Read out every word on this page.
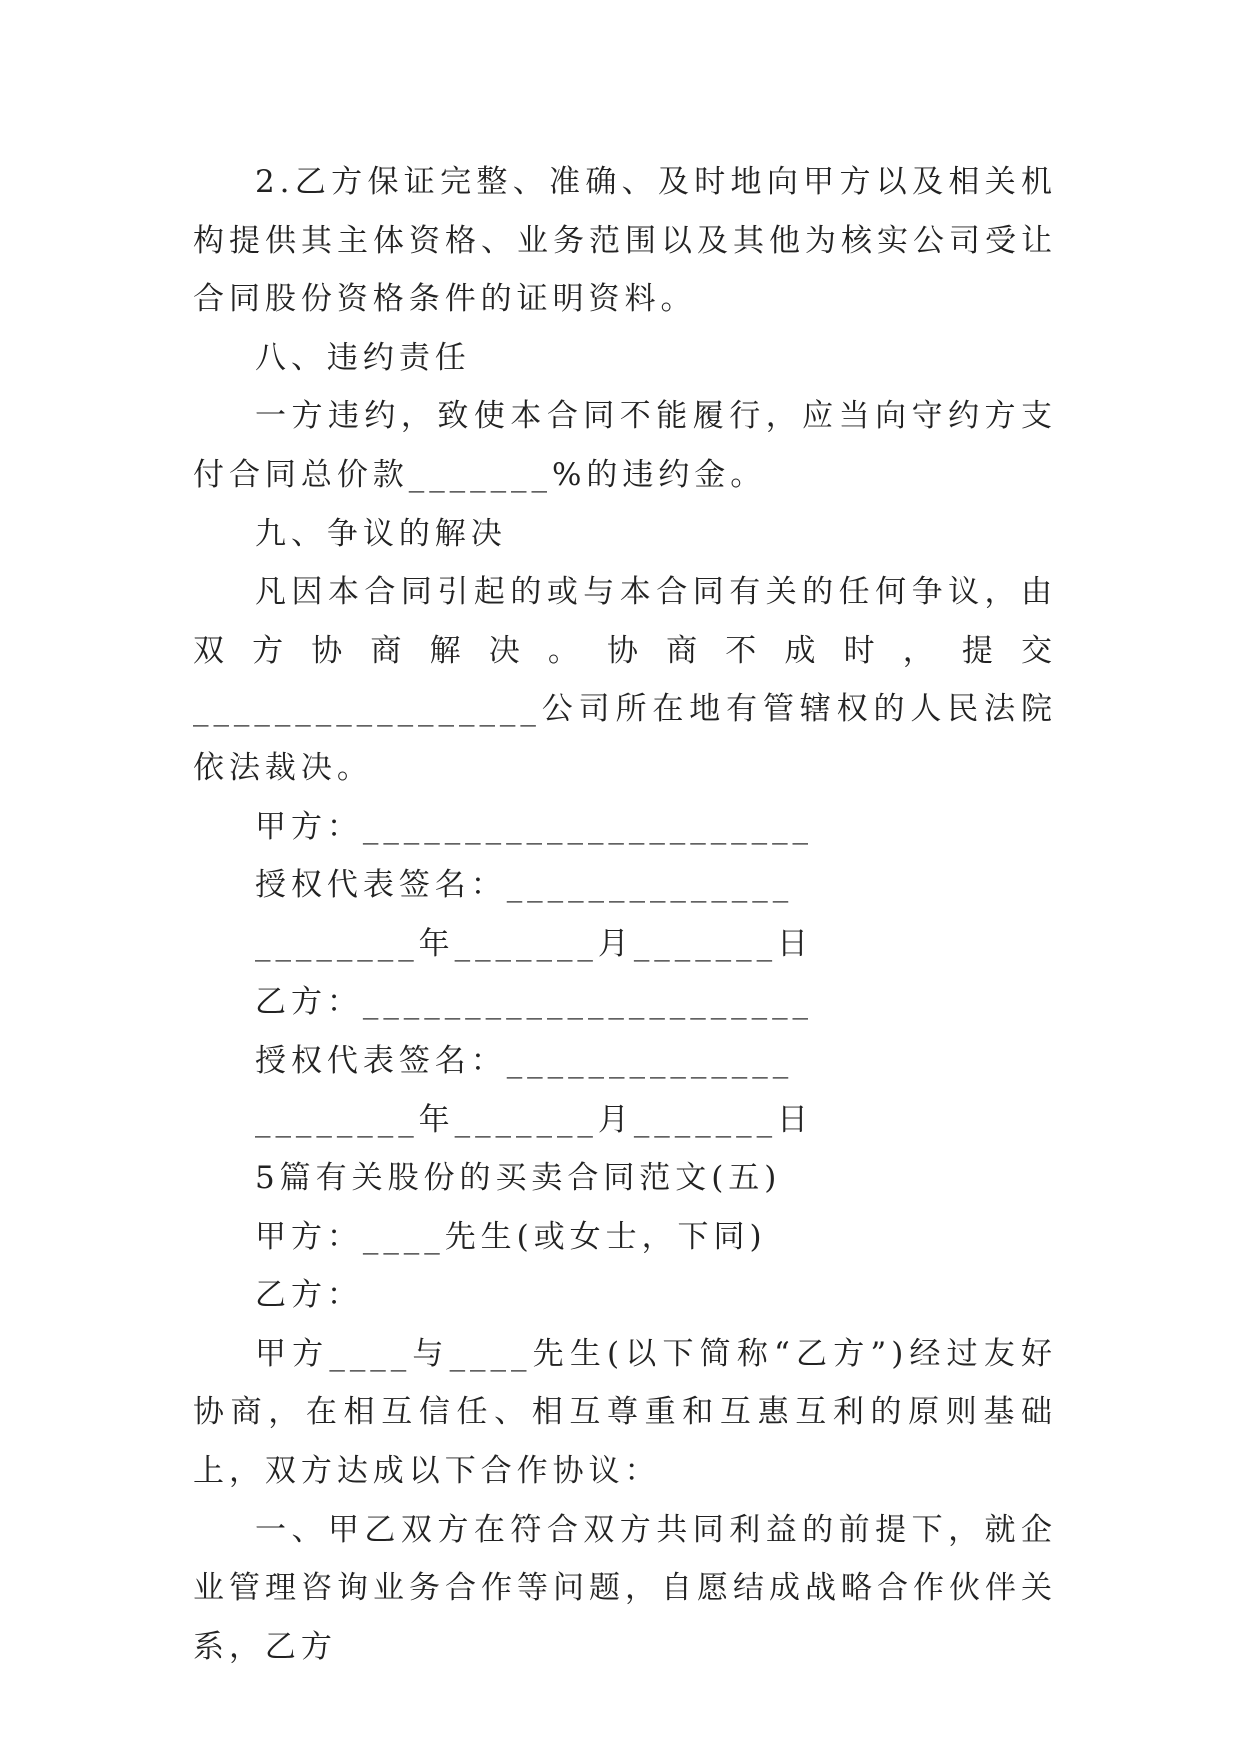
2.乙方保证完整、准确、及时地向甲方以及相关机构提供其主体资格、业务范围以及其他为核实公司受让合同股份资格条件的证明资料。

八、违约责任

一方违约，致使本合同不能履行，应当向守约方支付合同总价款_______%的违约金。

九、争议的解决

凡因本合同引起的或与本合同有关的任何争议，由双方协商解决。协商不成时，提交_________________公司所在地有管辖权的人民法院依法裁决。

甲方：______________________

授权代表签名：______________

________年_______月_______日

乙方：______________________

授权代表签名：______________

________年_______月_______日

5篇有关股份的买卖合同范文(五)

甲方：____先生(或女士，下同)

乙方：

甲方____与____先生(以下简称“乙方”)经过友好协商，在相互信任、相互尊重和互惠互利的原则基础上，双方达成以下合作协议：

一、甲乙双方在符合双方共同利益的前提下，就企业管理咨询业务合作等问题，自愿结成战略合作伙伴关系，乙方
